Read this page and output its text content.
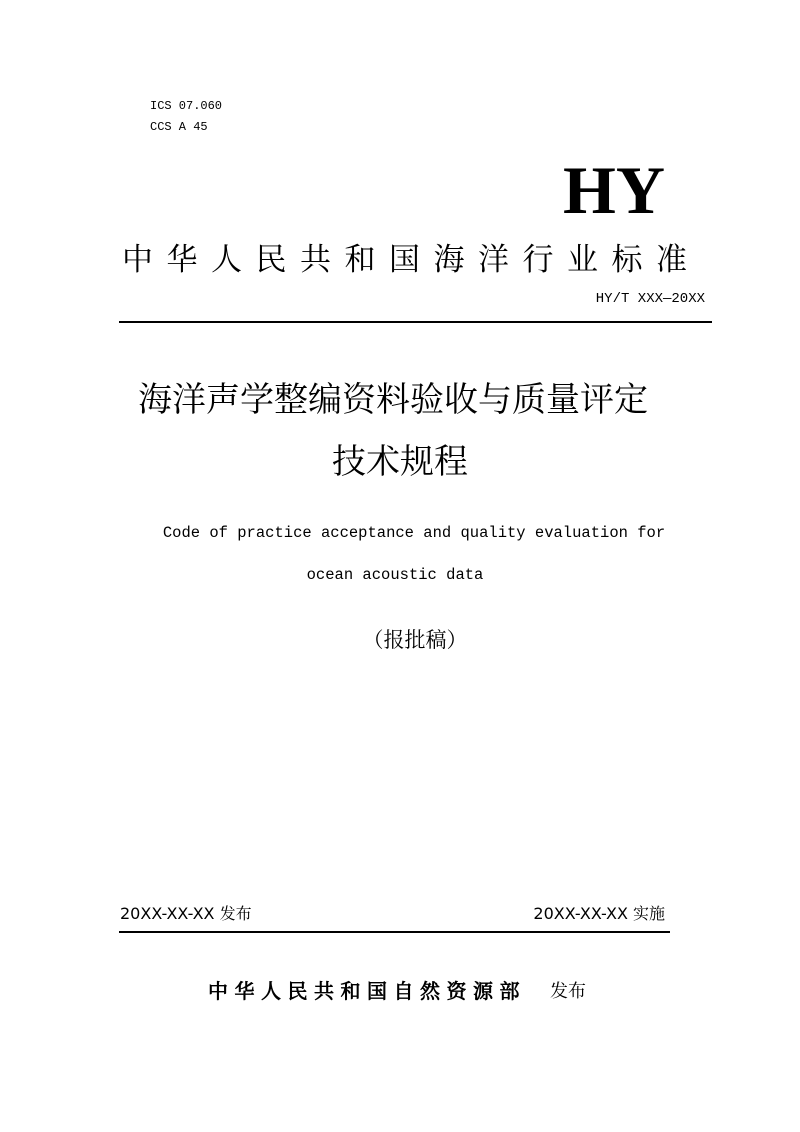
ICS 07.060
CCS A 45
HY
中华人民共和国海洋行业标准
HY/T XXX—20XX
海洋声学整编资料验收与质量评定
技术规程
Code of practice acceptance and quality evaluation for
ocean acoustic data
（报批稿）
20XX-XX-XX 发布	20XX-XX-XX 实施
中华人民共和国自然资源部 发布
